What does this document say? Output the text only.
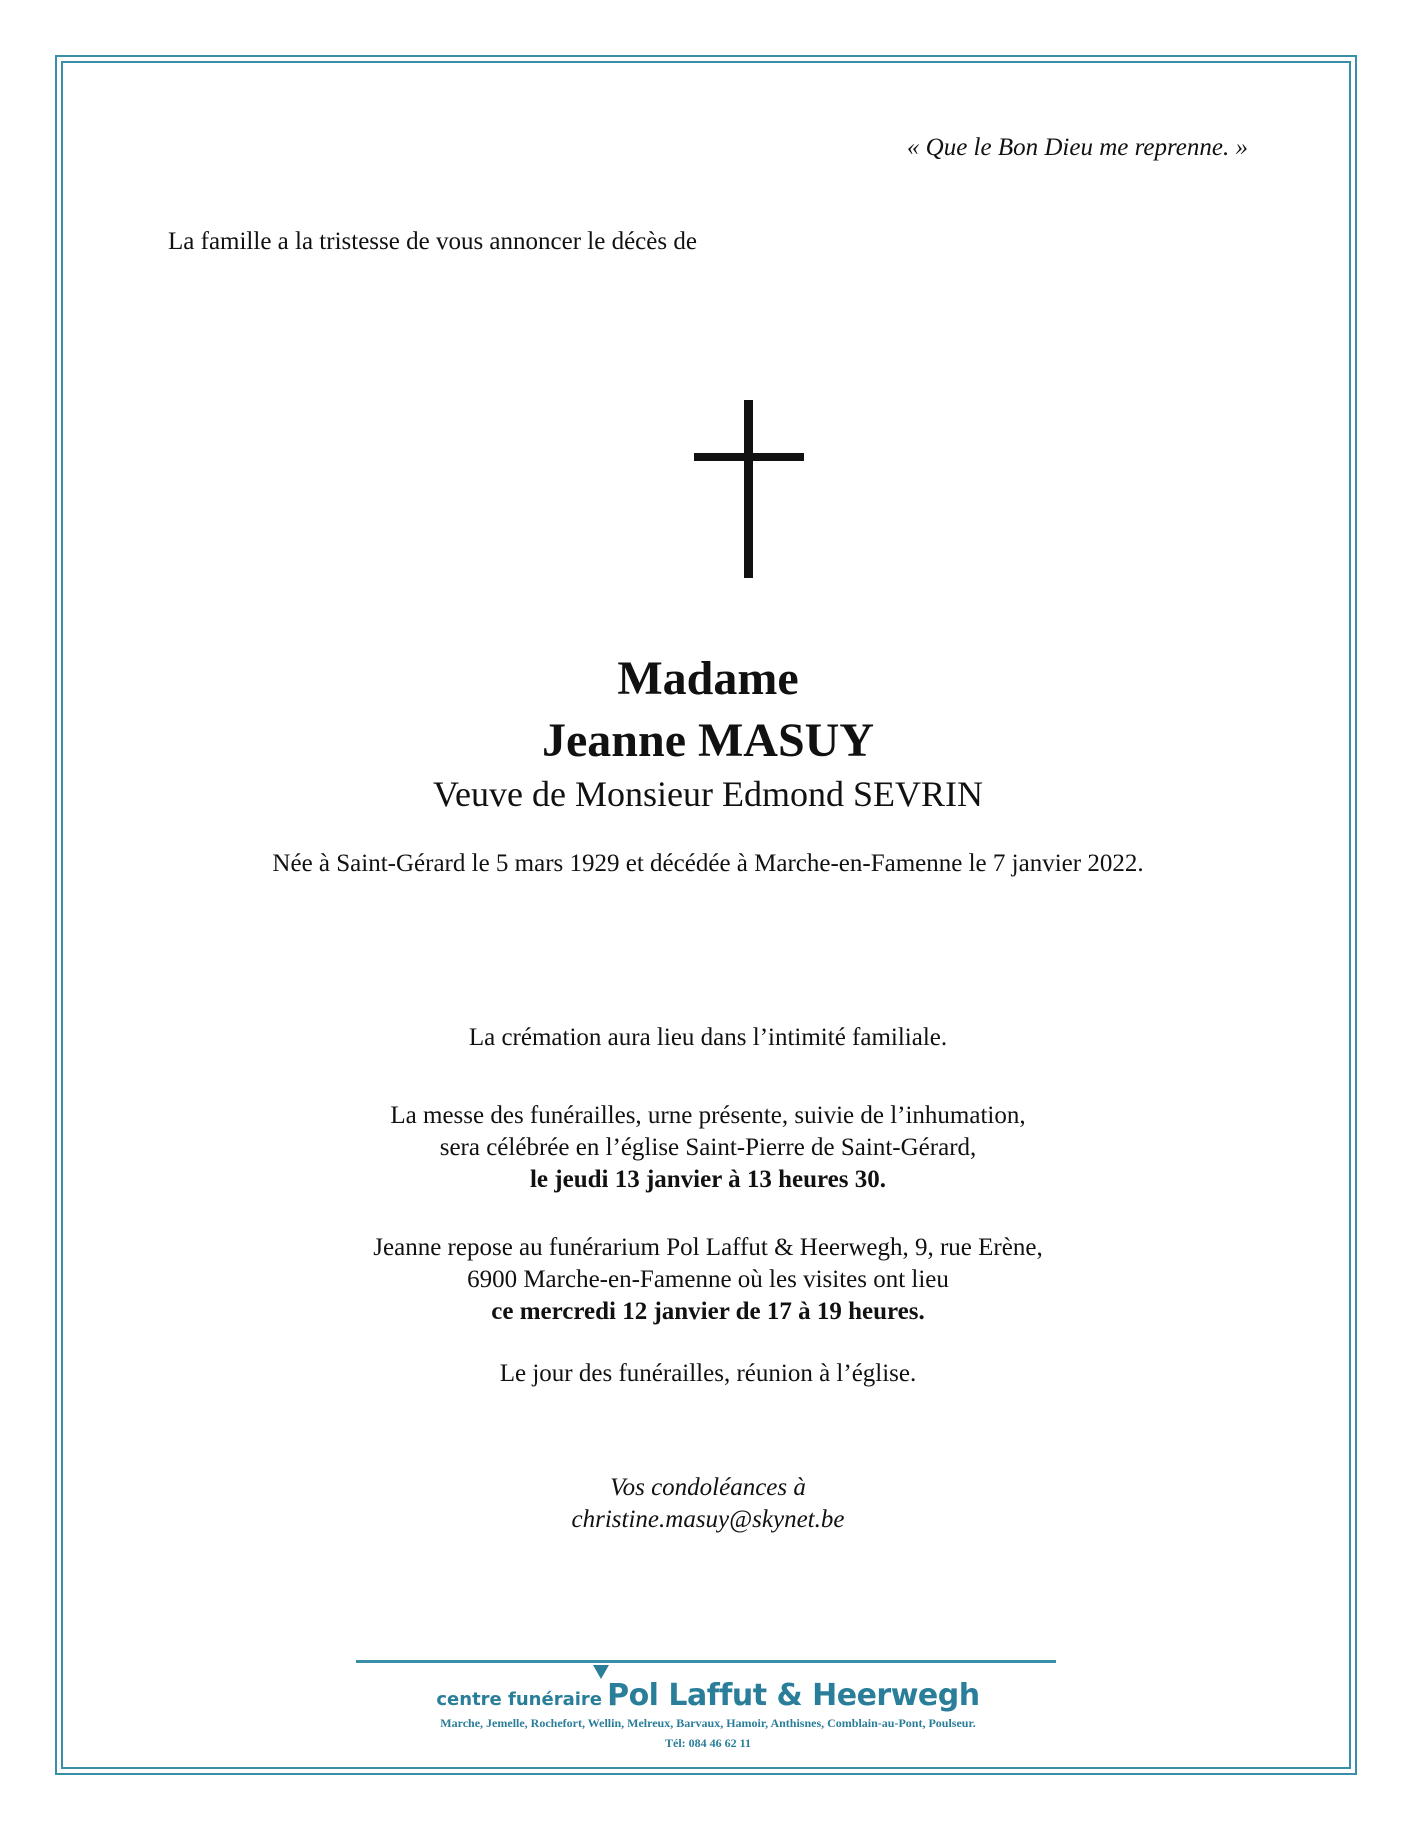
« Que le Bon Dieu me reprenne. »
La famille a la tristesse de vous annoncer le décès de
Madame
Jeanne MASUY
Veuve de Monsieur Edmond SEVRIN
Née à Saint-Gérard le 5 mars 1929 et décédée à Marche-en-Famenne le 7 janvier 2022.
La crémation aura lieu dans l’intimité familiale.
La messe des funérailles, urne présente, suivie de l’inhumation,
sera célébrée en l’église Saint-Pierre de Saint-Gérard,
le jeudi 13 janvier à 13 heures 30.
Jeanne repose au funérarium Pol Laffut & Heerwegh, 9, rue Erène,
6900 Marche-en-Famenne où les visites ont lieu
ce mercredi 12 janvier de 17 à 19 heures.
Le jour des funérailles, réunion à l’église.
Vos condoléances à
christine.masuy@skynet.be
centre funéraire Pol Laffut & Heerwegh
Marche, Jemelle, Rochefort, Wellin, Melreux, Barvaux, Hamoir, Anthisnes, Comblain-au-Pont, Poulseur.
Tél: 084 46 62 11
